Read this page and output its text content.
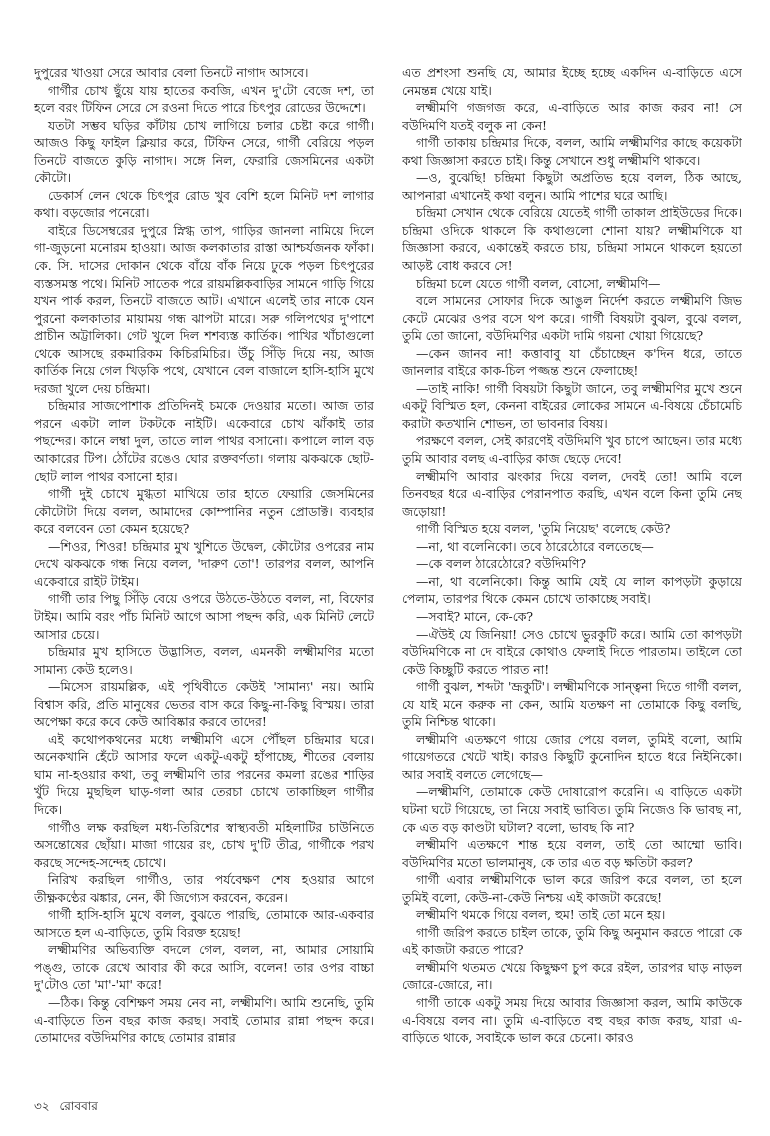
দুপুরের খাওয়া সেরে আবার বেলা তিনটে নাগাদ আসবে।

গার্গীর চোখ ছুঁয়ে যায় হাতের কবজি, এখন দু'টো বেজে দশ, তা হলে বরং টিফিন সেরে সে রওনা দিতে পারে চিৎপুর রোডের উদ্দেশে।

যতটা সম্ভব ঘড়ির কাঁটায় চোখ লাগিয়ে চলার চেষ্টা করে গার্গী। আজও কিছু ফাইল ক্লিয়ার করে, টিফিন সেরে, গার্গী বেরিয়ে পড়ল তিনটে বাজতে কুড়ি নাগাদ। সঙ্গে নিল, ফেরারি জেসমিনের একটা কৌটো।

ডেকার্স লেন থেকে চিৎপুর রোড খুব বেশি হলে মিনিট দশ লাগার কথা। বড়জোর পনেরো।

বাইরে ডিসেম্বরের দুপুরে স্নিগ্ধ তাপ, গাড়ির জানলা নামিয়ে দিলে গা-জুড়নো মনোরম হাওয়া। আজ কলকাতার রাস্তা আশ্চর্যজনক ফাঁকা। কে. সি. দাসের দোকান থেকে বাঁয়ে বাঁক নিয়ে ঢুকে পড়ল চিৎপুরের ব্যস্তসমস্ত পথে। মিনিট সাতেক পরে রায়মল্লিকবাড়ির সামনে গাড়ি গিয়ে যখন পার্ক করল, তিনটে বাজতে আট। এখানে এলেই তার নাকে যেন পুরনো কলকাতার মায়াময় গন্ধ ঝাপটা মারে। সরু গলিপথের দু'পাশে প্রাচীন অট্টালিকা। গেট খুলে দিল শশব্যস্ত কার্তিক। পাখির খাঁচাগুলো থেকে আসছে রকমারিকম কিচিরমিচির। উঁচু সিঁড়ি দিয়ে নয়, আজ কার্তিক নিয়ে গেল খিড়কি পথে, যেখানে বেল বাজালে হাসি-হাসি মুখে দরজা খুলে দেয় চন্দ্রিমা।

চন্দ্রিমার সাজপোশাক প্রতিদিনই চমকে দেওয়ার মতো। আজ তার পরনে একটা লাল টকটকে নাইটি। একেবারে চোখ ঝাঁকাই তার পছন্দের। কানে লম্বা দুল, তাতে লাল পাথর বসানো। কপালে লাল বড় আকারের টিপ। ঠোঁটের রঙেও ঘোর রক্তবর্ণতা। গলায় ঝকঝকে ছোট-ছোট লাল পাথর বসানো হার।

গার্গী দুই চোখে মুগ্ধতা মাখিয়ে তার হাতে ফেয়ারি জেসমিনের কৌটোটা দিয়ে বলল, আমাদের কোম্পানির নতুন প্রোডাক্ট। ব্যবহার করে বলবেন তো কেমন হয়েছে?

—শিওর, শিওর! চন্দ্রিমার মুখ খুশিতে উদ্বেল, কৌটোর ওপরের নাম দেখে ঝকঝকে গন্ধ নিয়ে বলল, 'দারুণ তো'! তারপর বলল, আপনি একেবারে রাইট টাইম।

গার্গী তার পিছু সিঁড়ি বেয়ে ওপরে উঠতে-উঠতে বলল, না, বিফোর টাইম। আমি বরং পাঁচ মিনিট আগে আসা পছন্দ করি, এক মিনিট লেটে আসার চেয়ে।

চন্দ্রিমার মুখ হাসিতে উদ্ভাসিত, বলল, এমনকী লক্ষ্মীমণির মতো সামান্য কেউ হলেও।

—মিসেস রায়মল্লিক, এই পৃথিবীতে কেউই 'সামান্য' নয়। আমি বিশ্বাস করি, প্রতি মানুষের ভেতর বাস করে কিছু-না-কিছু বিস্ময়। তারা অপেক্ষা করে কবে কেউ আবিষ্কার করবে তাদের!

এই কথোপকথনের মধ্যে লক্ষ্মীমণি এসে পৌঁছল চন্দ্রিমার ঘরে। অনেকখানি হেঁটে আসার ফলে একটু-একটু হাঁপাচ্ছে, শীতের বেলায় ঘাম না-হওয়ার কথা, তবু লক্ষ্মীমণি তার পরনের কমলা রঙের শাড়ির খুঁট দিয়ে মুছছিল ঘাড়-গলা আর তেরচা চোখে তাকাচ্ছিল গার্গীর দিকে।

গার্গীও লক্ষ করছিল মধ্য-তিরিশের স্বাস্থ্যবতী মহিলাটির চাউনিতে অসন্তোষের ছোঁয়া। মাজা গায়ের রং, চোখ দু'টি তীব্র, গার্গীকে পরখ করছে সন্দেহ-সন্দেহ চোখে।

নিরিখ করছিল গার্গীও, তার পর্যবেক্ষণ শেষ হওয়ার আগে তীক্ষ্ণকণ্ঠের ঝঙ্কার, নেন, কী জিগ্যেস করবেন, করেন।

গার্গী হাসি-হাসি মুখে বলল, বুঝতে পারছি, তোমাকে আর-একবার আসতে হল এ-বাড়িতে, তুমি বিরক্ত হয়েছ!

লক্ষ্মীমণির অভিব্যক্তি বদলে গেল, বলল, না, আমার সোয়ামি পঙ্গু, তাকে রেখে আবার কী করে আসি, বলেন! তার ওপর বাচ্চা দু'টোও তো 'মা'-'মা' করে!

—ঠিক। কিন্তু বেশিক্ষণ সময় নেব না, লক্ষ্মীমণি। আমি শুনেছি, তুমি এ-বাড়িতে তিন বছর কাজ করছ। সবাই তোমার রান্না পছন্দ করে। তোমাদের বউদিমণির কাছে তোমার রান্নার

এত প্রশংসা শুনছি যে, আমার ইচ্ছে হচ্ছে একদিন এ-বাড়িতে এসে নেমন্তন্ন খেয়ে যাই।

লক্ষ্মীমণি গজগজ করে, এ-বাড়িতে আর কাজ করব না! সে বউদিমণি যতই বলুক না কেন!

গার্গী তাকায় চন্দ্রিমার দিকে, বলল, আমি লক্ষ্মীমণির কাছে কয়েকটা কথা জিজ্ঞাসা করতে চাই। কিন্তু সেখানে শুধু লক্ষ্মীমণি থাকবে।

—ও, বুঝেছি! চন্দ্রিমা কিছুটা অপ্রতিভ হয়ে বলল, ঠিক আছে, আপনারা এখানেই কথা বলুন। আমি পাশের ঘরে আছি।

চন্দ্রিমা সেখান থেকে বেরিয়ে যেতেই গার্গী তাকাল প্রাইউডের দিকে। চন্দ্রিমা ওদিকে থাকলে কি কথাগুলো শোনা যায়? লক্ষ্মীমণিকে যা জিজ্ঞাসা করবে, একান্তেই করতে চায়, চন্দ্রিমা সামনে থাকলে হয়তো আড়ষ্ট বোধ করবে সে!

চন্দ্রিমা চলে যেতে গার্গী বলল, বোসো, লক্ষ্মীমণি—

বলে সামনের সোফার দিকে আঙুল নির্দেশ করতে লক্ষ্মীমণি জিভ কেটে মেঝের ওপর বসে থপ করে। গার্গী বিষয়টা বুঝল, বুঝে বলল, তুমি তো জানো, বউদিমণির একটা দামি গয়না খোয়া গিয়েছে?

—কেন জানব না! কত্তাবাবু যা চেঁচাচ্ছেন ক'দিন ধরে, তাতে জানলার বাইরে কাক-চিল পজ্জন্ত শুনে ফেলাচ্ছে!

—তাই নাকি! গার্গী বিষয়টা কিছুটা জানে, তবু লক্ষ্মীমণির মুখে শুনে একটু বিস্মিত হল, কেননা বাইরের লোকের সামনে এ-বিষয়ে চেঁচামেচি করাটা কতখানি শোভন, তা ভাবনার বিষয়।

পরক্ষণে বলল, সেই কারণেই বউদিমণি খুব চাপে আছেন। তার মধ্যে তুমি আবার বলছ এ-বাড়ির কাজ ছেড়ে দেবে!

লক্ষ্মীমণি আবার ঝংকার দিয়ে বলল, দেবই তো! আমি বলে তিনবছর ধরে এ-বাড়ির পেরানপাত করছি, এখন বলে কিনা তুমি নেছ জড়োয়া!

গার্গী বিস্মিত হয়ে বলল, 'তুমি নিয়েছ' বলেছে কেউ?

—না, থা বলেনিকো। তবে ঠারেঠোরে বলতেছে—

—কে বলল ঠারেঠোরে? বউদিমণি?

—না, থা বলেনিকো। কিন্তু আমি যেই যে লাল কাপড়টা কুড়ায়ে পেলাম, তারপর থিকে কেমন চোখে তাকাচ্ছে সবাই।

—সবাই? মানে, কে-কে?

—ঐউই যে জিনিয়া! সেও চোখে ভুরকুটি করে। আমি তো কাপড়টা বউদিমণিকে না দে বাইরে কোথাও ফেলাই দিতে পারতাম। তাইলে তো কেউ কিচ্ছুটি করতে পারত না!

গার্গী বুঝল, শব্দটা 'ভ্রূকুটি'। লক্ষ্মীমণিকে সান্ত্বনা দিতে গার্গী বলল, যে যাই মনে করুক না কেন, আমি যতক্ষণ না তোমাকে কিছু বলছি, তুমি নিশ্চিন্ত থাকো।

লক্ষ্মীমণি এতক্ষণে গায়ে জোর পেয়ে বলল, তুমিই বলো, আমি গায়েগতরে খেটে খাই। কারও কিছুটি কুনোদিন হাতে ধরে নিইনিকো। আর সবাই বলতে লেগেছে—

—লক্ষ্মীমণি, তোমাকে কেউ দোষারোপ করেনি। এ বাড়িতে একটা ঘটনা ঘটে গিয়েছে, তা নিয়ে সবাই ভাবিত। তুমি নিজেও কি ভাবছ না, কে এত বড় কাণ্ডটা ঘটাল? বলো, ভাবছ কি না?

লক্ষ্মীমণি এতক্ষণে শান্ত হয়ে বলল, তাই তো আম্মো ভাবি। বউদিমণির মতো ভালমানুষ, কে তার এত বড় ক্ষতিটা করল?

গার্গী এবার লক্ষ্মীমণিকে ভাল করে জরিপ করে বলল, তা হলে তুমিই বলো, কেউ-না-কেউ নিশ্চয় এই কাজটা করেছে!

লক্ষ্মীমণি থমকে গিয়ে বলল, হুম! তাই তো মনে হয়।

গার্গী জরিপ করতে চাইল তাকে, তুমি কিছু অনুমান করতে পারো কে এই কাজটা করতে পারে?

লক্ষ্মীমণি থতমত খেয়ে কিছুক্ষণ চুপ করে রইল, তারপর ঘাড় নাড়ল জোরে-জোরে, না।

গার্গী তাকে একটু সময় দিয়ে আবার জিজ্ঞাসা করল, আমি কাউকে এ-বিষয়ে বলব না। তুমি এ-বাড়িতে বহু বছর কাজ করছ, যারা এ-বাড়িতে থাকে, সবাইকে ভাল করে চেনো। কারও

৩২ রোববার
